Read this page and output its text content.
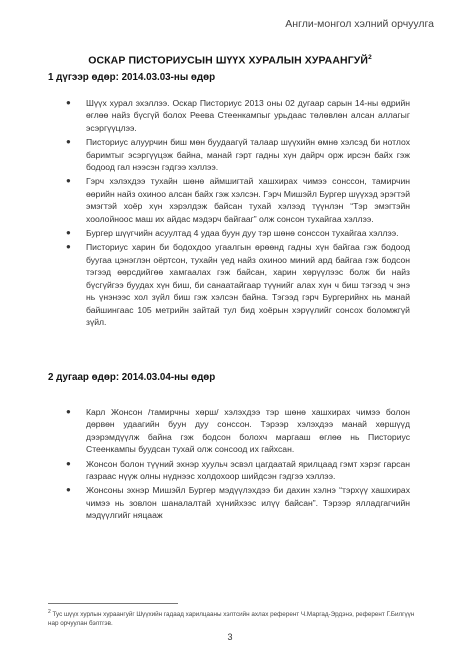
Англи-монгол хэлний орчуулга
ОСКАР ПИСТОРИУСЫН ШҮҮХ ХУРАЛЫН ХУРААНГУЙ$^2$
1 дүгээр өдөр: 2014.03.03-ны өдөр
● Шүүх хурал эхэллээ. Оскар Писториус 2013 оны 02 дугаар сарын 14-ны өдрийн өглөө найз бүсгүй болох Реева Стеенкампыг урьдаас төлөвлөн алсан аллагыг эсэргүүцлээ.
● Писториус алуурчин биш мөн буудаагүй талаар шүүхийн өмнө хэлсэд би нотлох баримтыг эсэргүүцэж байна, манай гэрт гадны хүн дайрч орж ирсэн байх гэж бодоод гал нээсэн гэдгээ хэллээ.
● Гэрч хэлэхдээ тухайн шөнө аймшигтай хашхирах чимээ сонссон, тамирчин өөрийн найз охиноо алсан байх гэж хэлсэн. Гэрч Мишэйл Бургер шүүхэд эрэгтэй эмэгтэй хоёр хүн хэрэлдэж байсан тухай хэлээд түүнлэн “Тэр эмэгтэйн хоолойноос маш их айдас мэдэрч байгааг” олж сонсон тухайгаа хэллээ.
● Бургер шүүгчийн асуултад 4 удаа буун дуу тэр шөнө сонссон тухайгаа хэллээ.
● Писториус харин би бодохдоо угаалгын өрөөнд гадны хүн байгаа гэж бодоод буугаа цэнэглэн оёртсон, тухайн үед найз охиноо миний ард байгаа гэж бодсон тэгээд өөрсдийгөө хамгаалах гэж байсан, харин хөрүүлээс болж би найз бүсгүйгээ буудах хүн биш, би санаатайгаар түүнийг алах хүн ч биш тэгээд ч энэ нь үнэнээс хол зүйл биш гэж хэлсэн байна. Тэгээд гэрч Бургерийнх нь манай байшингаас 105 метрийн зайтай тул бид хоёрын хэрүүлийг сонсох боломжгүй зүйл.
2 дугаар өдөр: 2014.03.04-ны өдөр
● Карл Жонсон /тамирчны хөрш/ хэлэхдээ тэр шөнө хашхирах чимээ болон дөрвөн удаагийн буун дуу сонссон. Тэрээр хэлэхдээ манай хөршүүд дээрэмдүүлж байна гэж бодсон болохч маргааш өглөө нь Писториус Стеенкампы буудсан тухай олж сонсоод их гайхсан.
● Жонсон болон түүний эхнэр хуульч эсвэл цагдаатай ярилцаад гэмт хэрэг гарсан газраас нүүж олны нүднээс холдохоор шийдсэн гэдгээ хэллээ.
● Жонсоны эхнэр Мишэйл Бургер мэдүүлэхдээ би дахин хэлнэ “тэрхүү хашхирах чимээ нь зовлон шаналалтай хүнийхээс илүү байсан”. Тэрээр ялладгагчийн мэдүүлгийг няцааж
$^2$ Тус шүүх хурлын хураангуйг Шүүхийн гадаад харилцааны хэлтсийн ахлах референт Ч.Маргад-Эрдэнэ, референт Г.Билгүүн нар орчуулан бэлтгэв.
3
